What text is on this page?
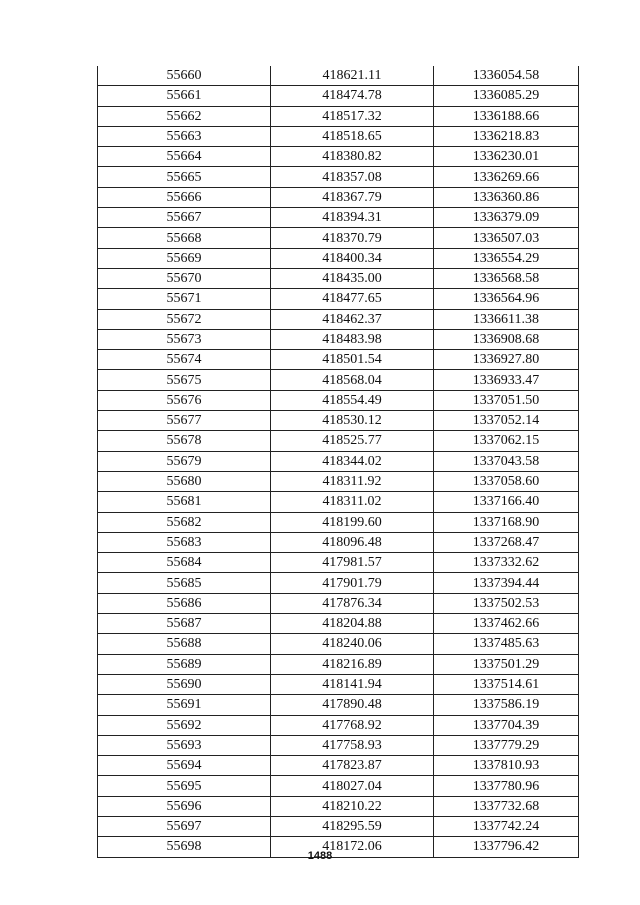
55660	418621.11	1336054.58
55661	418474.78	1336085.29
55662	418517.32	1336188.66
55663	418518.65	1336218.83
55664	418380.82	1336230.01
55665	418357.08	1336269.66
55666	418367.79	1336360.86
55667	418394.31	1336379.09
55668	418370.79	1336507.03
55669	418400.34	1336554.29
55670	418435.00	1336568.58
55671	418477.65	1336564.96
55672	418462.37	1336611.38
55673	418483.98	1336908.68
55674	418501.54	1336927.80
55675	418568.04	1336933.47
55676	418554.49	1337051.50
55677	418530.12	1337052.14
55678	418525.77	1337062.15
55679	418344.02	1337043.58
55680	418311.92	1337058.60
55681	418311.02	1337166.40
55682	418199.60	1337168.90
55683	418096.48	1337268.47
55684	417981.57	1337332.62
55685	417901.79	1337394.44
55686	417876.34	1337502.53
55687	418204.88	1337462.66
55688	418240.06	1337485.63
55689	418216.89	1337501.29
55690	418141.94	1337514.61
55691	417890.48	1337586.19
55692	417768.92	1337704.39
55693	417758.93	1337779.29
55694	417823.87	1337810.93
55695	418027.04	1337780.96
55696	418210.22	1337732.68
55697	418295.59	1337742.24
55698	418172.06	1337796.42
1488
